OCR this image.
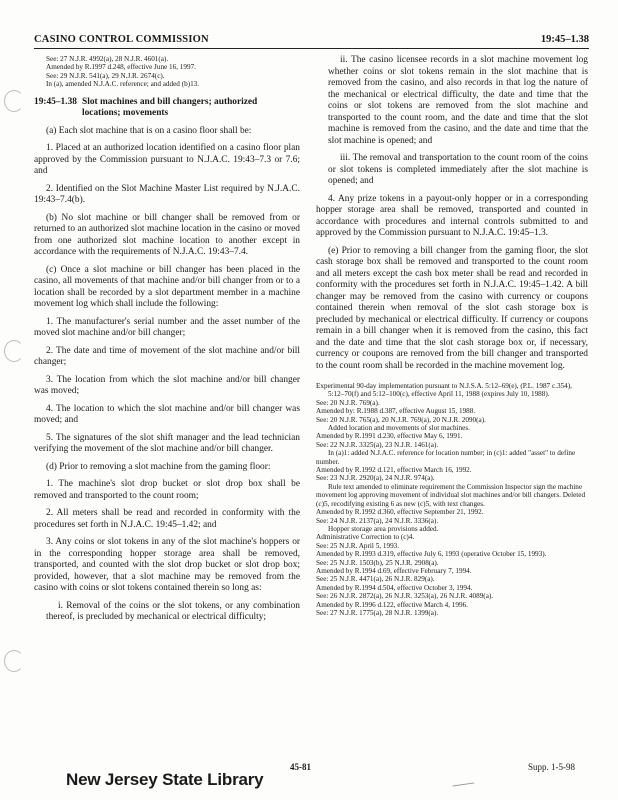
CASINO CONTROL COMMISSION	19:45–1.38

See: 27 N.J.R. 4992(a), 28 N.J.R. 4601(a).

Amended by R.1997 d.248, effective June 16, 1997.

See: 29 N.J.R. 541(a), 29 N.J.R. 2674(c).

In (a), amended N.J.A.C. reference; and added (b)13.

19:45–1.38 Slot machines and bill changers; authorized
locations; movements

(a) Each slot machine that is on a casino floor shall be:

1. Placed at an authorized location identified on a casino floor plan approved by the Commission pursuant to N.J.A.C. 19:43–7.3 or 7.6; and

2. Identified on the Slot Machine Master List required by N.J.A.C. 19:43–7.4(b).

(b) No slot machine or bill changer shall be removed from or returned to an authorized slot machine location in the casino or moved from one authorized slot machine location to another except in accordance with the requirements of N.J.A.C. 19:43–7.4.

(c) Once a slot machine or bill changer has been placed in the casino, all movements of that machine and/or bill changer from or to a location shall be recorded by a slot department member in a machine movement log which shall include the following:

1. The manufacturer's serial number and the asset number of the moved slot machine and/or bill changer;

2. The date and time of movement of the slot machine and/or bill changer;

3. The location from which the slot machine and/or bill changer was moved;

4. The location to which the slot machine and/or bill changer was moved; and

5. The signatures of the slot shift manager and the lead technician verifying the movement of the slot machine and/or bill changer.

(d) Prior to removing a slot machine from the gaming floor:

1. The machine's slot drop bucket or slot drop box shall be removed and transported to the count room;

2. All meters shall be read and recorded in conformity with the procedures set forth in N.J.A.C. 19:45–1.42; and

3. Any coins or slot tokens in any of the slot machine's hoppers or in the corresponding hopper storage area shall be removed, transported, and counted with the slot drop bucket or slot drop box; provided, however, that a slot machine may be removed from the casino with coins or slot tokens contained therein so long as:

i. Removal of the coins or the slot tokens, or any combination thereof, is precluded by mechanical or electrical difficulty;

ii. The casino licensee records in a slot machine movement log whether coins or slot tokens remain in the slot machine that is removed from the casino, and also records in that log the nature of the mechanical or electrical difficulty, the date and time that the coins or slot tokens are removed from the slot machine and transported to the count room, and the date and time that the slot machine is removed from the casino, and the date and time that the slot machine is opened; and

iii. The removal and transportation to the count room of the coins or slot tokens is completed immediately after the slot machine is opened; and

4. Any prize tokens in a payout-only hopper or in a corresponding hopper storage area shall be removed, transported and counted in accordance with procedures and internal controls submitted to and approved by the Commission pursuant to N.J.A.C. 19:45–1.3.

(e) Prior to removing a bill changer from the gaming floor, the slot cash storage box shall be removed and transported to the count room and all meters except the cash box meter shall be read and recorded in conformity with the procedures set forth in N.J.A.C. 19:45–1.42. A bill changer may be removed from the casino with currency or coupons contained therein when removal of the slot cash storage box is precluded by mechanical or electrical difficulty. If currency or coupons remain in a bill changer when it is removed from the casino, this fact and the date and time that the slot cash storage box or, if necessary, currency or coupons are removed from the bill changer and transported to the count room shall be recorded in the machine movement log.

Experimental 90-day implementation pursuant to N.J.S.A. 5:12–69(e), (P.L. 1987 c.354), 5:12–70(f) and 5:12–100(c), effective April 11, 1988 (expires July 10, 1988).

See: 20 N.J.R. 769(a).

Amended by: R.1988 d.387, effective August 15, 1988.

See: 20 N.J.R. 765(a), 20 N.J.R. 769(a), 20 N.J.R. 2090(a).

Added location and movements of slot machines.

Amended by R.1991 d.230, effective May 6, 1991.

See: 22 N.J.R. 3325(a), 23 N.J.R. 1461(a).

In (a)1: added N.J.A.C. reference for location number; in (c)1: added "asset" to define number.

Amended by R.1992 d.121, effective March 16, 1992.

See: 23 N.J.R. 2920(a), 24 N.J.R. 974(a).

Rule text amended to eliminate requirement the Commission Inspector sign the machine movement log approving movement of individual slot machines and/or bill changers. Deleted (c)5, recodifying existing 6 as new (c)5, with text changes.

Amended by R.1992 d.360, effective September 21, 1992.

See: 24 N.J.R. 2137(a), 24 N.J.R. 3336(a).

Hopper storage area provisions added.

Administrative Correction to (c)4.

See: 25 N.J.R. April 5, 1993.

Amended by R.1993 d.319, effective July 6, 1993 (operative October 15, 1993).

See: 25 N.J.R. 1503(b), 25 N.J.R. 2908(a).

Amended by R.1994 d.69, effective February 7, 1994.

See: 25 N.J.R. 4471(a), 26 N.J.R. 829(a).

Amended by R.1994 d.504, effective October 3, 1994.

See: 26 N.J.R. 2872(a), 26 N.J.R. 3253(a), 26 N.J.R. 4089(a).

Amended by R.1996 d.122, effective March 4, 1996.

See: 27 N.J.R. 1775(a), 28 N.J.R. 1399(a).

45-81	Supp. 1-5-98
New Jersey State Library
